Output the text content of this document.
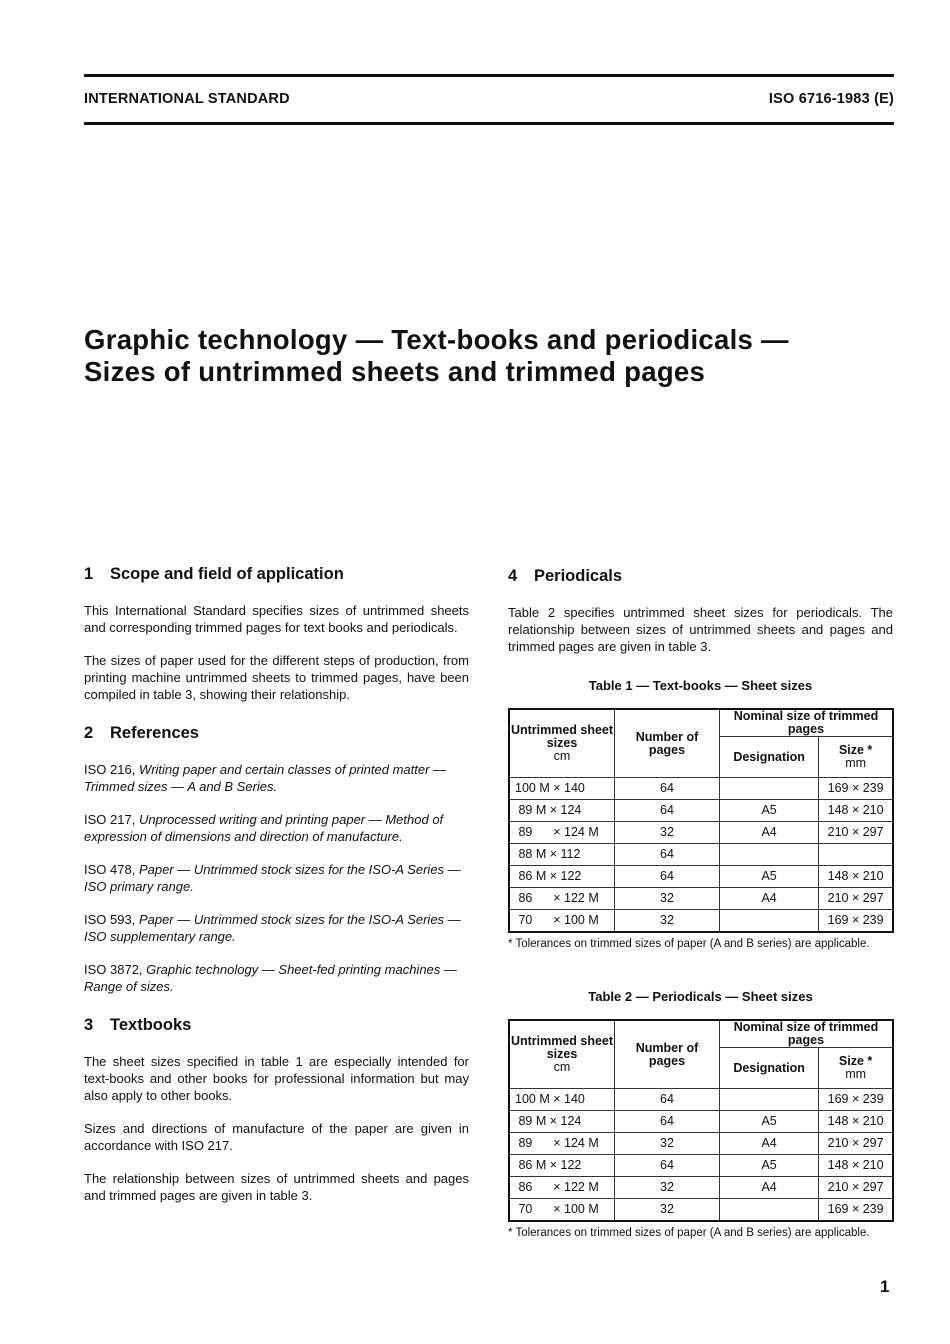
INTERNATIONAL STANDARD	ISO 6716-1983 (E)
Graphic technology — Text-books and periodicals —
Sizes of untrimmed sheets and trimmed pages
1 Scope and field of application

This International Standard specifies sizes of untrimmed sheets and corresponding trimmed pages for text books and periodicals.

The sizes of paper used for the different steps of production, from printing machine untrimmed sheets to trimmed pages, have been compiled in table 3, showing their relationship.

2 References
ISO 216, Writing paper and certain classes of printed matter — Trimmed sizes — A and B Series.
ISO 217, Unprocessed writing and printing paper — Method of expression of dimensions and direction of manufacture.
ISO 478, Paper — Untrimmed stock sizes for the ISO-A Series — ISO primary range.
ISO 593, Paper — Untrimmed stock sizes for the ISO-A Series — ISO supplementary range.
ISO 3872, Graphic technology — Sheet-fed printing machines — Range of sizes.
3 Textbooks

The sheet sizes specified in table 1 are especially intended for text-books and other books for professional information but may also apply to other books.

Sizes and directions of manufacture of the paper are given in accordance with ISO 217.

The relationship between sizes of untrimmed sheets and pages and trimmed pages are given in table 3.

4 Periodicals

Table 2 specifies untrimmed sheet sizes for periodicals. The relationship between sizes of untrimmed sheets and pages and trimmed pages are given in table 3.

Table 1 — Text-books — Sheet sizes
Untrimmed sheet sizes
cm	Number of pages	Nominal size of trimmed pages	
		Designation	Size *
mm
100 M × 140	64		169 × 239
89 M × 124	64	A5	148 × 210
89      × 124 M	32	A4	210 × 297
88 M × 112	64		
86 M × 122	64	A5	148 × 210
86      × 122 M	32	A4	210 × 297
70      × 100 M	32		169 × 239
* Tolerances on trimmed sizes of paper (A and B series) are applicable.
Table 2 — Periodicals — Sheet sizes
Untrimmed sheet sizes
cm	Number of pages	Nominal size of trimmed pages	
		Designation	Size *
mm
100 M × 140	64		169 × 239
89 M × 124	64	A5	148 × 210
89      × 124 M	32	A4	210 × 297
86 M × 122	64	A5	148 × 210
86      × 122 M	32	A4	210 × 297
70      × 100 M	32		169 × 239
* Tolerances on trimmed sizes of paper (A and B series) are applicable.
1
